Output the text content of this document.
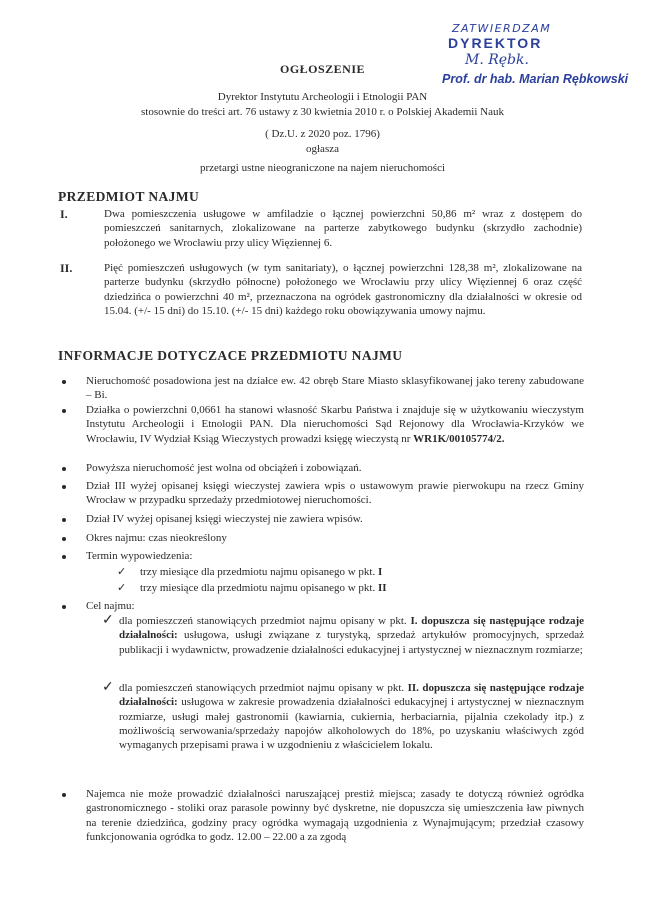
ZATWIERDZAM
DYREKTOR
M. Rębk.
Prof. dr hab. Marian Rębkowski
OGŁOSZENIE
Dyrektor Instytutu Archeologii i Etnologii PAN
stosownie do treści art. 76 ustawy z 30 kwietnia 2010 r. o Polskiej Akademii Nauk
( Dz.U. z 2020 poz. 1796)
ogłasza
przetargi ustne nieograniczone na najem nieruchomości
PRZEDMIOT NAJMU
I.	Dwa pomieszczenia usługowe w amfiladzie o łącznej powierzchni 50,86 m² wraz z dostępem do pomieszczeń sanitarnych, zlokalizowane na parterze zabytkowego budynku (skrzydło zachodnie) położonego we Wrocławiu przy ulicy Więziennej 6.
II.	Pięć pomieszczeń usługowych (w tym sanitariaty), o łącznej powierzchni 128,38 m², zlokalizowane na parterze budynku (skrzydło północne) położonego we Wrocławiu przy ulicy Więziennej 6 oraz część dziedzińca o powierzchni 40 m², przeznaczona na ogródek gastronomiczny dla działalności w okresie od 15.04. (+/- 15 dni) do 15.10. (+/- 15 dni) każdego roku obowiązywania umowy najmu.
INFORMACJE DOTYCZACE PRZEDMIOTU NAJMU
Nieruchomość posadowiona jest na działce ew. 42 obręb Stare Miasto sklasyfikowanej jako tereny zabudowane – Bi.
Działka o powierzchni 0,0661 ha stanowi własność Skarbu Państwa i znajduje się w użytkowaniu wieczystym Instytutu Archeologii i Etnologii PAN. Dla nieruchomości Sąd Rejonowy dla Wrocławia-Krzyków we Wrocławiu, IV Wydział Ksiąg Wieczystych prowadzi księgę wieczystą nr WR1K/00105774/2.
Powyższa nieruchomość jest wolna od obciążeń i zobowiązań.
Dział III wyżej opisanej księgi wieczystej zawiera wpis o ustawowym prawie pierwokupu na rzecz Gminy Wrocław w przypadku sprzedaży przedmiotowej nieruchomości.
Dział IV wyżej opisanej księgi wieczystej nie zawiera wpisów.
Okres najmu: czas nieokreślony
Termin wypowiedzenia:
✓ trzy miesiące dla przedmiotu najmu opisanego w pkt. I
✓ trzy miesiące dla przedmiotu najmu opisanego w pkt. II
Cel najmu:
✓ dla pomieszczeń stanowiących przedmiot najmu opisany w pkt. I. dopuszcza się następujące rodzaje działalności: usługowa, usługi związane z turystyką, sprzedaż artykułów promocyjnych, sprzedaż publikacji i wydawnictw, prowadzenie działalności edukacyjnej i artystycznej w nieznacznym rozmiarze;
✓ dla pomieszczeń stanowiących przedmiot najmu opisany w pkt. II. dopuszcza się następujące rodzaje działalności: usługowa w zakresie prowadzenia działalności edukacyjnej i artystycznej w nieznacznym rozmiarze, usługi małej gastronomii (kawiarnia, cukiernia, herbaciarnia, pijalnia czekolady itp.) z możliwością serwowania/sprzedaży napojów alkoholowych do 18%, po uzyskaniu właściwych zgód wymaganych przepisami prawa i w uzgodnieniu z właścicielem lokalu.
Najemca nie może prowadzić działalności naruszającej prestiż miejsca; zasady te dotyczą również ogródka gastronomicznego - stoliki oraz parasole powinny być dyskretne, nie dopuszcza się umieszczenia ław piwnych na terenie dziedzińca, godziny pracy ogródka wymagają uzgodnienia z Wynajmującym; przedział czasowy funkcjonowania ogródka to godz. 12.00 – 22.00 a za zgodą
